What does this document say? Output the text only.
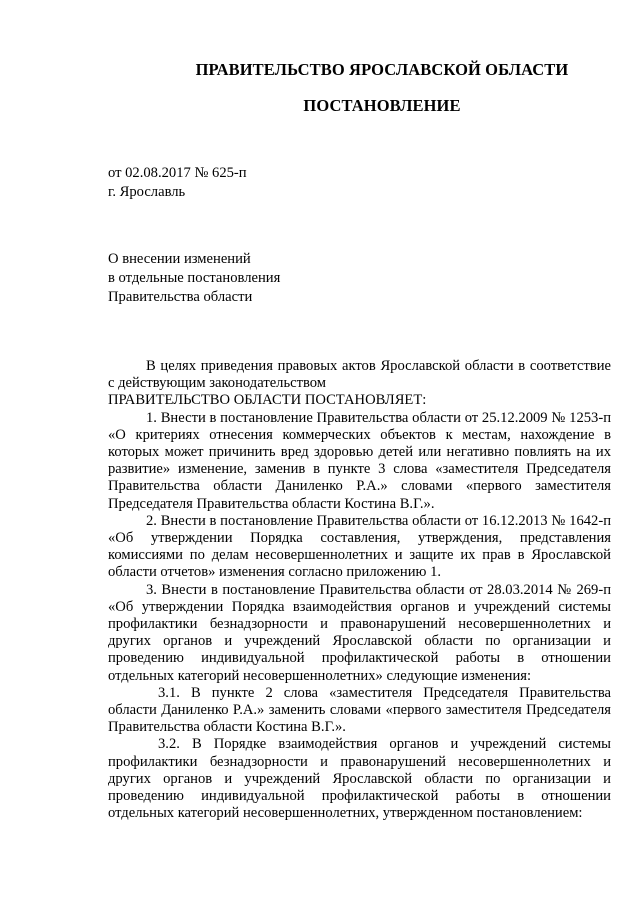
ПРАВИТЕЛЬСТВО ЯРОСЛАВСКОЙ ОБЛАСТИ
ПОСТАНОВЛЕНИЕ
от 02.08.2017 № 625-п
г. Ярославль
О внесении изменений
в отдельные постановления
Правительства области

В целях приведения правовых актов Ярославской области в соответствие с действующим законодательством

ПРАВИТЕЛЬСТВО ОБЛАСТИ ПОСТАНОВЛЯЕТ:

1. Внести в постановление Правительства области от 25.12.2009 № 1253-п «О критериях отнесения коммерческих объектов к местам, нахождение в которых может причинить вред здоровью детей или негативно повлиять на их развитие» изменение, заменив в пункте 3 слова «заместителя Председателя Правительства области Даниленко Р.А.» словами «первого заместителя Председателя Правительства области Костина В.Г.».

2. Внести в постановление Правительства области от 16.12.2013 № 1642-п «Об утверждении Порядка составления, утверждения, представления комиссиями по делам несовершеннолетних и защите их прав в Ярославской области отчетов» изменения согласно приложению 1.

3. Внести в постановление Правительства области от 28.03.2014 № 269-п «Об утверждении Порядка взаимодействия органов и учреждений системы профилактики безнадзорности и правонарушений несовершеннолетних и других органов и учреждений Ярославской области по организации и проведению индивидуальной профилактической работы в отношении отдельных категорий несовершеннолетних» следующие изменения:

3.1. В пункте 2 слова «заместителя Председателя Правительства области Даниленко Р.А.» заменить словами «первого заместителя Председателя Правительства области Костина В.Г.».

3.2. В Порядке взаимодействия органов и учреждений системы профилактики безнадзорности и правонарушений несовершеннолетних и других органов и учреждений Ярославской области по организации и проведению индивидуальной профилактической работы в отношении отдельных категорий несовершеннолетних, утвержденном постановлением:
